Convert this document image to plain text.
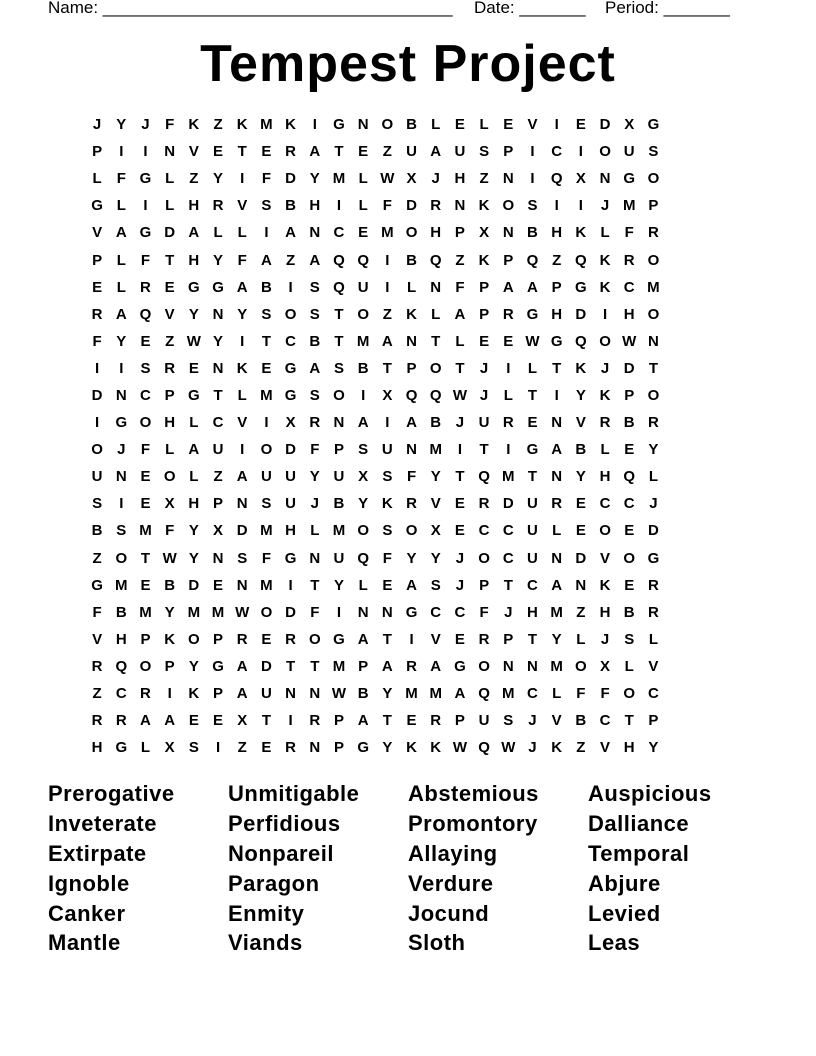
Name: _____________________________________ Date: _______ Period: _______
Tempest Project
J	Y	J	F K Z K M K	I	G N O B L E L E V	I	E D X G
P	I	I	N V E T E R A T E Z U A U S P	I	C	I	O U S
L	F G L	Z Y	I	F D Y M L W X	J H Z N	I	Q X N G O
G L	I	L H R V S B H	I	L	F D R N K O S	I	I	J M P
V A G D A L	L	I	A N C E M O H P X N B H K L	F R
P L	F	T H Y F A Z A Q Q	I	B Q Z K P Q Z Q K R O
E L R E G G A B	I	S Q U	I	L N F P A A P G K C M
R A Q V Y N Y S O S T O Z K L A P R G H D	I	H O
F Y E Z W Y	I	T C B T M A N T	L E E W G Q O W N
I	I	S R E N K E G A S B T P O T	J	I	L	T K J D T
D N C P G T	L M G S O	I	X Q Q W J	L	T	I	Y K P O
I	G O H L C V	I	X R N A	I	A B J U R E N V R B R
O J	F	L A U	I	O D F P S U N M	I	T	I	G A B L E Y
U N E O L	Z A U U Y U X S F Y T Q M T N Y H Q L
S	I	E X H P N S U J B Y K R V E R D U R E C C J
B S M F Y X D M H L M O S O X E C C U L E O E D
Z O T W Y N S F G N U Q F Y Y	J O C U N D V O G
G M E B D E N M	I	T Y L E A S	J	P T C A N K E R
F B M Y M M W O D F	I	N N G C C F	J H M Z H B R
V H P K O P R E R O G A T	I	V E R P T Y L	J	S L
R Q O P Y G A D T	T M P A R A G O N N M O X L V
Z C R	I	K P A U N N W B Y M M A Q M C L	F	F O C
R R A A E E X T	I	R P A T E R P U S	J	V B C T P
H G L X S	I	Z E R N P G Y K K W Q W J K Z V H Y
Prerogative	Unmitigable	Abstemious	Auspicious
Inveterate	Perfidious	Promontory	Dalliance
Extirpate	Nonpareil	Allaying	Temporal
Ignoble	Paragon	Verdure	Abjure
Canker	Enmity	Jocund	Levied
Mantle	Viands	Sloth	Leas
